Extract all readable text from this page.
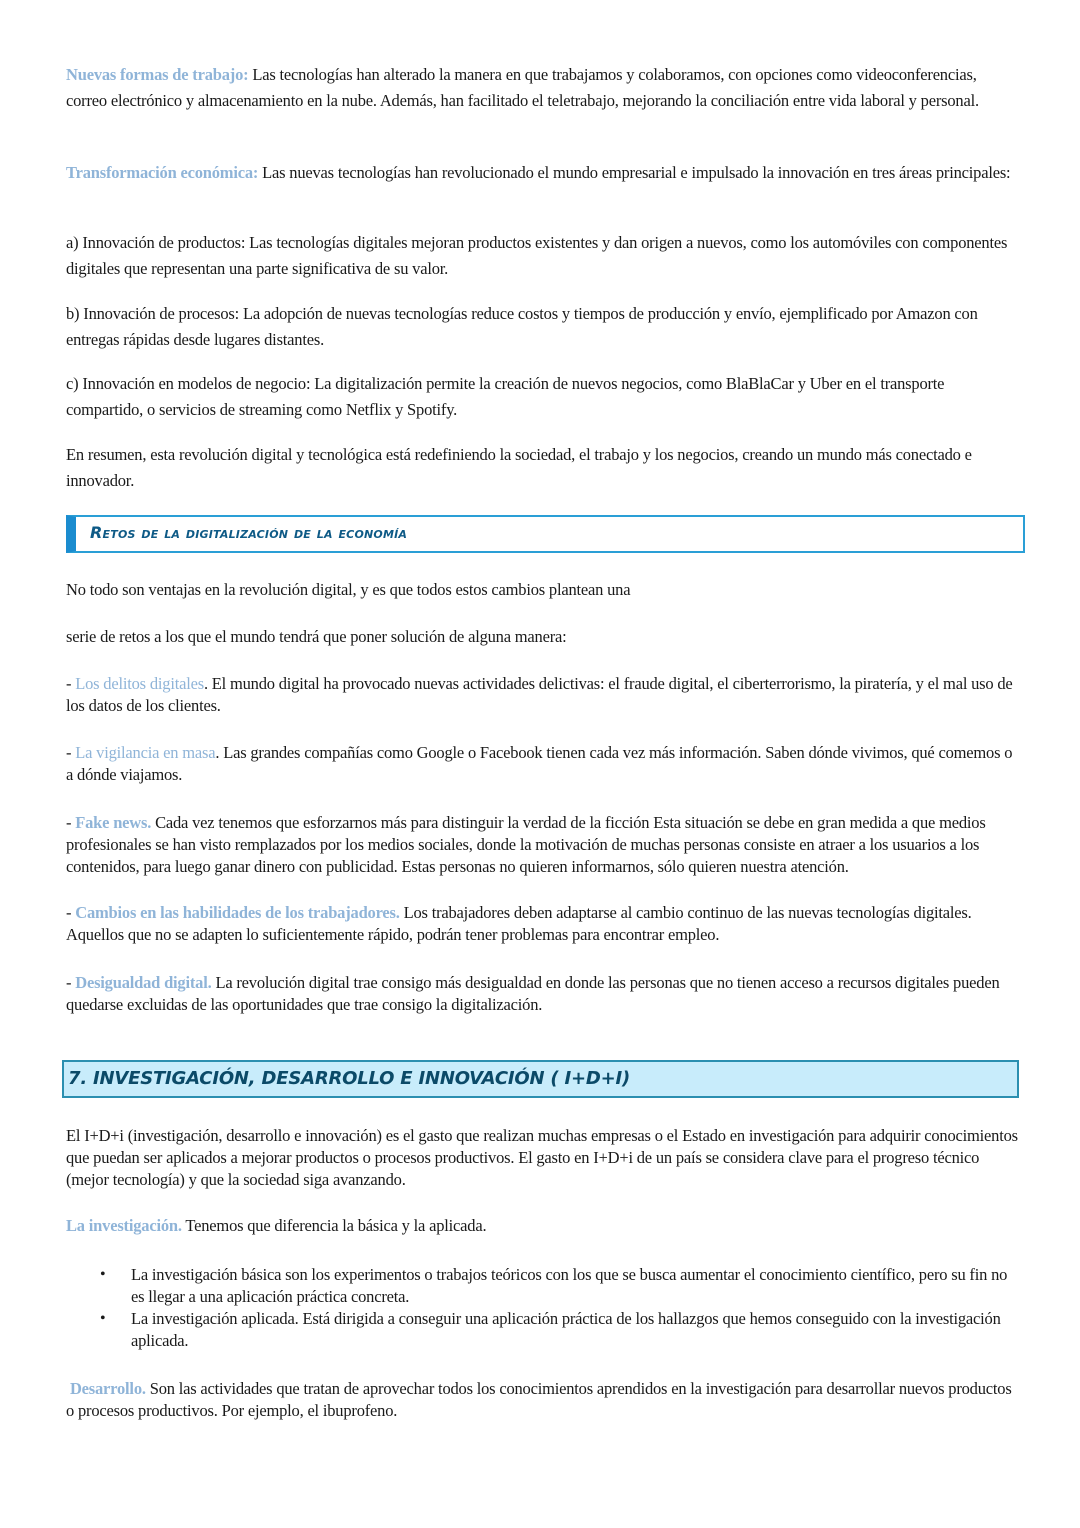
Nuevas formas de trabajo: Las tecnologías han alterado la manera en que trabajamos y colaboramos, con opciones como videoconferencias, correo electrónico y almacenamiento en la nube. Además, han facilitado el teletrabajo, mejorando la conciliación entre vida laboral y personal.

Transformación económica: Las nuevas tecnologías han revolucionado el mundo empresarial e impulsado la innovación en tres áreas principales:

a) Innovación de productos: Las tecnologías digitales mejoran productos existentes y dan origen a nuevos, como los automóviles con componentes digitales que representan una parte significativa de su valor.

b) Innovación de procesos: La adopción de nuevas tecnologías reduce costos y tiempos de producción y envío, ejemplificado por Amazon con entregas rápidas desde lugares distantes.

c) Innovación en modelos de negocio: La digitalización permite la creación de nuevos negocios, como BlaBlaCar y Uber en el transporte compartido, o servicios de streaming como Netflix y Spotify.

En resumen, esta revolución digital y tecnológica está redefiniendo la sociedad, el trabajo y los negocios, creando un mundo más conectado e innovador.

Retos de la digitalización de la economía

No todo son ventajas en la revolución digital, y es que todos estos cambios plantean una

serie de retos a los que el mundo tendrá que poner solución de alguna manera:

- Los delitos digitales. El mundo digital ha provocado nuevas actividades delictivas: el fraude digital, el ciberterrorismo, la piratería, y el mal uso de los datos de los clientes.

- La vigilancia en masa. Las grandes compañías como Google o Facebook tienen cada vez más información. Saben dónde vivimos, qué comemos o a dónde viajamos.

- Fake news. Cada vez tenemos que esforzarnos más para distinguir la verdad de la ficción Esta situación se debe en gran medida a que medios profesionales se han visto remplazados por los medios sociales, donde la motivación de muchas personas consiste en atraer a los usuarios a los contenidos, para luego ganar dinero con publicidad. Estas personas no quieren informarnos, sólo quieren nuestra atención.

- Cambios en las habilidades de los trabajadores. Los trabajadores deben adaptarse al cambio continuo de las nuevas tecnologías digitales. Aquellos que no se adapten lo suficientemente rápido, podrán tener problemas para encontrar empleo.

- Desigualdad digital. La revolución digital trae consigo más desigualdad en donde las personas que no tienen acceso a recursos digitales pueden quedarse excluidas de las oportunidades que trae consigo la digitalización.

7. INVESTIGACIÓN, DESARROLLO E INNOVACIÓN ( I+D+I)

El I+D+i (investigación, desarrollo e innovación) es el gasto que realizan muchas empresas o el Estado en investigación para adquirir conocimientos que puedan ser aplicados a mejorar productos o procesos productivos. El gasto en I+D+i de un país se considera clave para el progreso técnico (mejor tecnología) y que la sociedad siga avanzando.

La investigación. Tenemos que diferencia la básica y la aplicada.

• La investigación básica son los experimentos o trabajos teóricos con los que se busca aumentar el conocimiento científico, pero su fin no es llegar a una aplicación práctica concreta.
• La investigación aplicada. Está dirigida a conseguir una aplicación práctica de los hallazgos que hemos conseguido con la investigación aplicada.

Desarrollo. Son las actividades que tratan de aprovechar todos los conocimientos aprendidos en la investigación para desarrollar nuevos productos o procesos productivos. Por ejemplo, el ibuprofeno.
